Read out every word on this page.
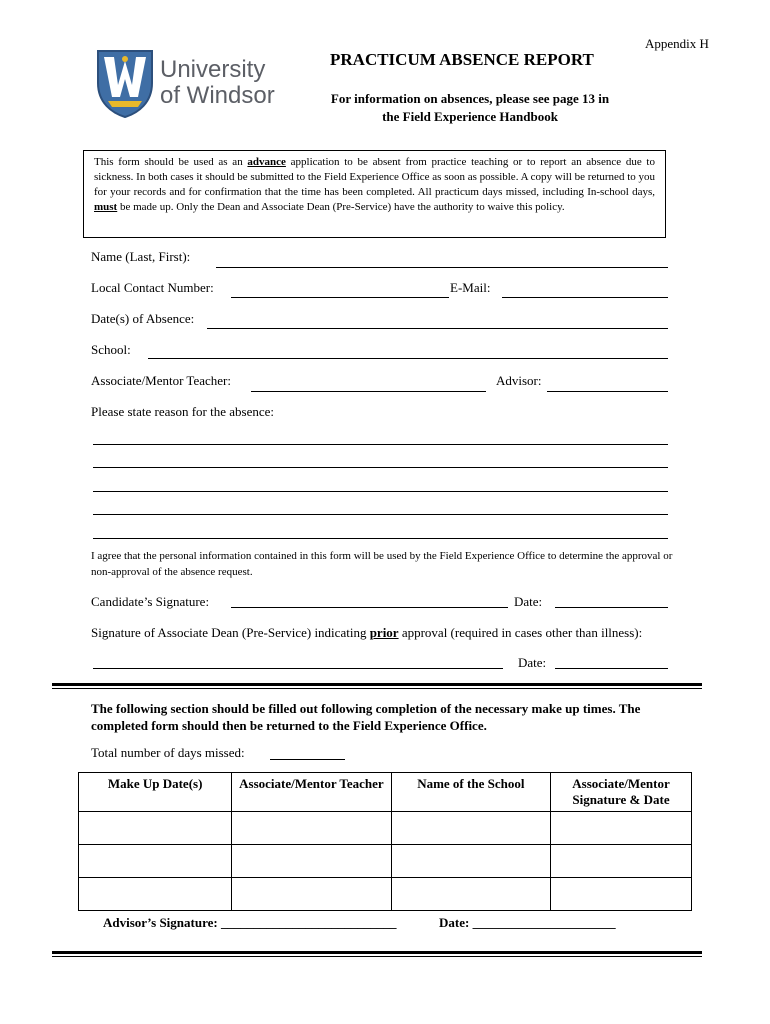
Appendix H
University
of Windsor
PRACTICUM ABSENCE REPORT
For information on absences, please see page 13 in
the Field Experience Handbook
This form should be used as an advance application to be absent from practice teaching or to report an absence due to sickness. In both cases it should be submitted to the Field Experience Office as soon as possible. A copy will be returned to you for your records and for confirmation that the time has been completed. All practicum days missed, including In-school days, must be made up. Only the Dean and Associate Dean (Pre-Service) have the authority to waive this policy.
Name (Last, First):
Local Contact Number:	E-Mail:
Date(s) of Absence:
School:
Associate/Mentor Teacher:	Advisor:
Please state reason for the absence:
I agree that the personal information contained in this form will be used by the Field Experience Office to determine the approval or non-approval of the absence request.
Candidate’s Signature:	Date:
Signature of Associate Dean (Pre-Service) indicating prior approval (required in cases other than illness):
Date:
The following section should be filled out following completion of the necessary make up times. The completed form should then be returned to the Field Experience Office.
Total number of days missed:
Make Up Date(s)	Associate/Mentor Teacher	Name of the School	Associate/Mentor Signature & Date

Advisor’s Signature: ___________________________	Date: ______________________
